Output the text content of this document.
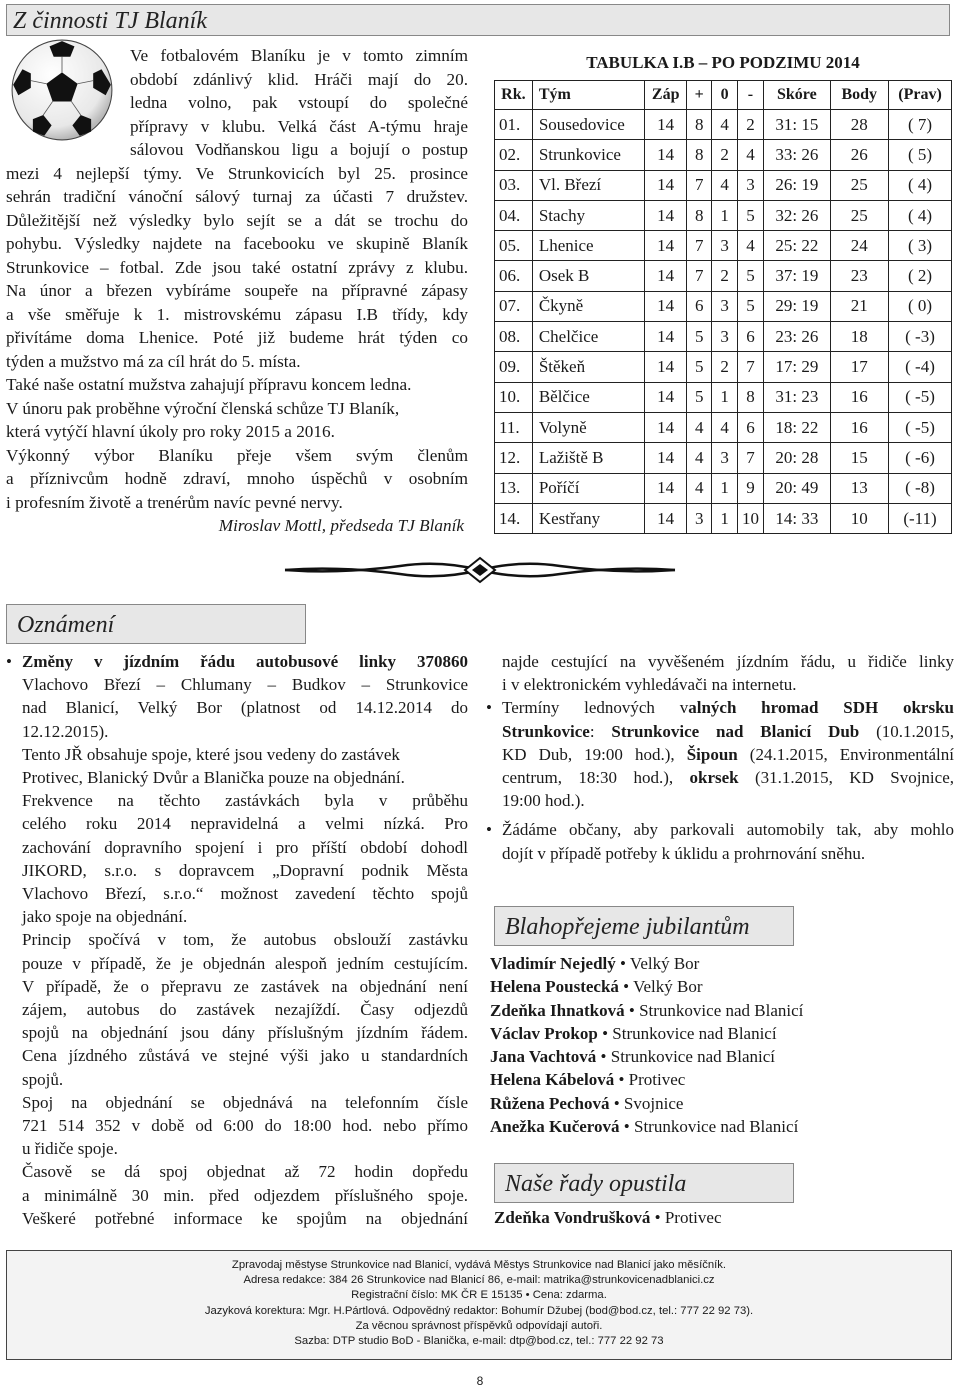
Z činnosti TJ Blaník

Ve fotbalovém Blaníku je v tomto zimním

období zdánlivý klid. Hráči mají do 20.

ledna volno, pak vstoupí do společné

přípravy v klubu. Velká část A-týmu hraje

sálovou Vodňanskou ligu a bojují o postup

mezi 4 nejlepší týmy. Ve Strunkovicích byl 25. prosince

sehrán tradiční vánoční sálový turnaj za účasti 7 družstev.

Důležitější než výsledky bylo sejít se a dát se trochu do

pohybu. Výsledky najdete na facebooku ve skupině Blaník

Strunkovice – fotbal. Zde jsou také ostatní zprávy z klubu.

Na únor a březen vybíráme soupeře na přípravné zápasy

a vše směřuje k 1. mistrovskému zápasu I.B třídy, kdy

přivítáme doma Lhenice. Poté již budeme hrát týden co

týden a mužstvo má za cíl hrát do 5. místa.

Také naše ostatní mužstva zahajují přípravu koncem ledna.

V únoru pak proběhne výroční členská schůze TJ Blaník,

která vytýčí hlavní úkoly pro roky 2015 a 2016.

Výkonný výbor Blaníku přeje všem svým členům

a příznivcům hodně zdraví, mnoho úspěchů v osobním

i profesním životě a trenérům navíc pevné nervy.

Miroslav Mottl, předseda TJ Blaník

TABULKA I.B – PO PODZIMU 2014
Rk.	Tým	Záp	+	0	-	Skóre	Body	(Prav)
01.	Sousedovice	14	8	4	2	31: 15	28	( 7)
02.	Strunkovice	14	8	2	4	33: 26	26	( 5)
03.	Vl. Březí	14	7	4	3	26: 19	25	( 4)
04.	Stachy	14	8	1	5	32: 26	25	( 4)
05.	Lhenice	14	7	3	4	25: 22	24	( 3)
06.	Osek B	14	7	2	5	37: 19	23	( 2)
07.	Čkyně	14	6	3	5	29: 19	21	( 0)
08.	Chelčice	14	5	3	6	23: 26	18	( -3)
09.	Štěkeň	14	5	2	7	17: 29	17	( -4)
10.	Bělčice	14	5	1	8	31: 23	16	( -5)
11.	Volyně	14	4	4	6	18: 22	16	( -5)
12.	Lažiště B	14	4	3	7	20: 28	15	( -6)
13.	Poříčí	14	4	1	9	20: 49	13	( -8)
14.	Kestřany	14	3	1	10	14: 33	10	(-11)
Oznámení

• Změny v jízdním řádu autobusové linky 370860

Vlachovo Březí – Chlumany – Budkov – Strunkovice

nad Blanicí, Velký Bor (platnost od 14.12.2014 do

12.12.2015).

Tento JŘ obsahuje spoje, které jsou vedeny do zastávek

Protivec, Blanický Dvůr a Blanička pouze na objednání.

Frekvence na těchto zastávkách byla v průběhu

celého roku 2014 nepravidelná a velmi nízká. Pro

zachování dopravního spojení i pro příští období dohodl

JIKORD, s.r.o. s dopravcem „Dopravní podnik Města

Vlachovo Březí, s.r.o.“ možnost zavedení těchto spojů

jako spoje na objednání.

Princip spočívá v tom, že autobus obslouží zastávku

pouze v případě, že je objednán alespoň jedním cestujícím.

V případě, že o přepravu ze zastávek na objednání není

zájem, autobus do zastávek nezajíždí. Časy odjezdů

spojů na objednání jsou dány příslušným jízdním řádem.

Cena jízdného zůstává ve stejné výši jako u standardních

spojů.

Spoj na objednání se objednává na telefonním čísle

721 514 352 v době od 6:00 do 18:00 hod. nebo přímo

u řidiče spoje.

Časově se dá spoj objednat až 72 hodin dopředu

a minimálně 30 min. před odjezdem příslušného spoje.

Veškeré potřebné informace ke spojům na objednání

najde cestující na vyvěšeném jízdním řádu, u řidiče linky

i v elektronickém vyhledávači na internetu.

• Termíny lednových valných hromad SDH okrsku

Strunkovice: Strunkovice nad Blanicí Dub (10.1.2015,

KD Dub, 19:00 hod.), Šipoun (24.1.2015, Environmentální

centrum, 18:30 hod.), okrsek (31.1.2015, KD Svojnice,

19:00 hod.).

• Žádáme občany, aby parkovali automobily tak, aby mohlo

dojít v případě potřeby k úklidu a prohrnování sněhu.

Blahopřejeme jubilantům

Vladimír Nejedlý • Velký Bor

Helena Poustecká • Velký Bor

Zdeňka Ihnatková • Strunkovice nad Blanicí

Václav Prokop • Strunkovice nad Blanicí

Jana Vachtová • Strunkovice nad Blanicí

Helena Kábelová • Protivec

Růžena Pechová • Svojnice

Anežka Kučerová • Strunkovice nad Blanicí

Naše řady opustila
Zdeňka Vondrušková • Protivec
Zpravodaj městyse Strunkovice nad Blanicí, vydává Městys Strunkovice nad Blanicí jako měsíčník.
Adresa redakce: 384 26 Strunkovice nad Blanicí 86, e-mail: matrika@strunkovicenadblanici.cz
Registrační číslo: MK ČR E 15135 • Cena: zdarma.
Jazyková korektura: Mgr. H.Pártlová. Odpovědný redaktor: Bohumír Džubej (bod@bod.cz, tel.: 777 22 92 73).
Za věcnou správnost příspěvků odpovídají autoři.
Sazba: DTP studio BoD - Blanička, e-mail: dtp@bod.cz, tel.: 777 22 92 73
8
